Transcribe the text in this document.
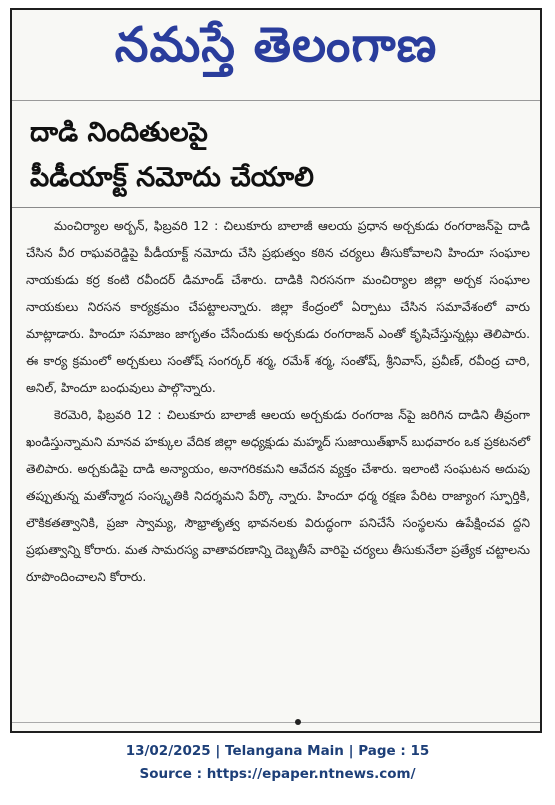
నమస్తే తెలంగాణ
దాడి నిందితులపై
పీడీయాక్ట్ నమోదు చేయాలి

మంచిర్యాల అర్బన్, ఫిబ్రవరి 12 : చిలుకూరు బాలాజీ ఆలయ ప్రధాన అర్చకుడు రంగరాజన్‌పై దాడి చేసిన వీర రాఘవరెడ్డిపై పీడీయాక్ట్ నమోదు చేసి ప్రభుత్వం కఠిన చర్యలు తీసుకోవాలని హిందూ సంఘాల నాయకుడు కర్ర కంటి రవీందర్ డిమాండ్ చేశారు. దాడికి నిరసనగా మంచిర్యాల జిల్లా అర్చక సంఘాల నాయకులు నిరసన కార్యక్రమం చేపట్టాలన్నారు. జిల్లా కేంద్రంలో ఏర్పాటు చేసిన సమావేశంలో వారు మాట్లాడారు. హిందూ సమాజం జాగృతం చేసేందుకు అర్చకుడు రంగరాజన్ ఎంతో కృషిచేస్తున్నట్లు తెలిపారు. ఈ కార్య క్రమంలో అర్చకులు సంతోష్ సంగర్కర్ శర్మ, రమేశ్ శర్మ, సంతోష్, శ్రీనివాస్, ప్రవీణ్, రవీంద్ర చారి, అనిల్, హిందూ బంధువులు పాల్గొన్నారు.

కెరమెరి, ఫిబ్రవరి 12 : చిలుకూరు బాలాజీ ఆలయ అర్చకుడు రంగరాజ న్‌పై జరిగిన దాడిని తీవ్రంగా ఖండిస్తున్నామని మానవ హక్కుల వేదిక జిల్లా అధ్యక్షుడు మహ్మద్ సుజాయిత్‌ఖాన్ బుధవారం ఒక ప్రకటనలో తెలిపారు. అర్చకుడిపై దాడి అన్యాయం, అనాగరికమని ఆవేదన వ్యక్తం చేశారు. ఇలాంటి సంఘటన అదుపు తప్పుతున్న మతోన్మాద సంస్కృతికి నిదర్శమని పేర్కొ న్నారు. హిందూ ధర్మ రక్షణ పేరిట రాజ్యాంగ స్ఫూర్తికి, లౌకికతత్వానికి, ప్రజా స్వామ్య, సౌభ్రాతృత్వ భావనలకు విరుద్ధంగా పనిచేసే సంస్థలను ఉపేక్షించవ ద్దని ప్రభుత్వాన్ని కోరారు. మత సామరస్య వాతావరణాన్ని దెబ్బతీసే వారిపై చర్యలు తీసుకునేలా ప్రత్యేక చట్టాలను రూపొందించాలని కోరారు.

13/02/2025 | Telangana Main | Page : 15
Source : https://epaper.ntnews.com/
